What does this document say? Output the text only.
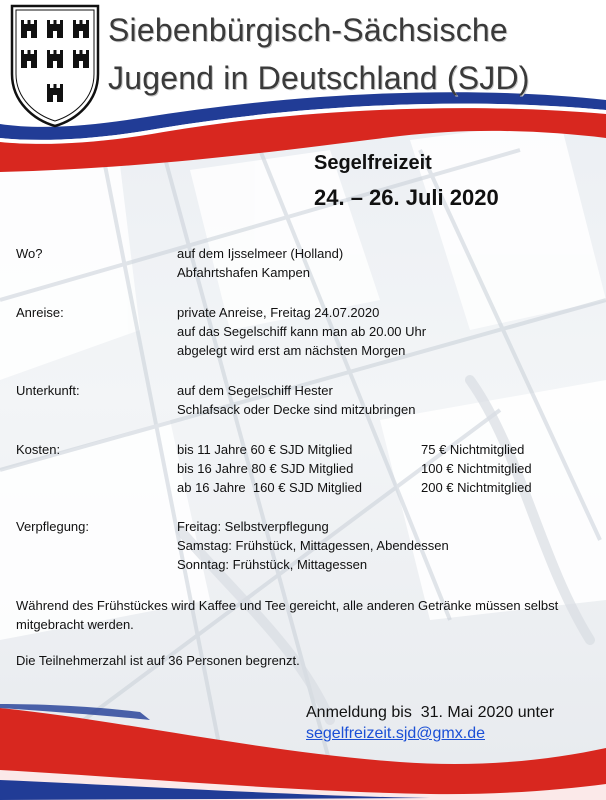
Siebenbürgisch-Sächsische
Jugend in Deutschland (SJD)
Segelfreizeit
24. – 26. Juli 2020
Wo?	auf dem Ijsselmeer (Holland)
Abfahrtshafen Kampen
Anreise:	private Anreise, Freitag 24.07.2020
auf das Segelschiff kann man ab 20.00 Uhr
abgelegt wird erst am nächsten Morgen
Unterkunft:	auf dem Segelschiff Hester
Schlafsack oder Decke sind mitzubringen
Kosten:	bis 11 Jahre 60 € SJD Mitglied	75 € Nichtmitglied
bis 16 Jahre 80 € SJD Mitglied	100 € Nichtmitglied
ab 16 Jahre  160 € SJD Mitglied	200 € Nichtmitglied
Verpflegung:	Freitag: Selbstverpflegung
Samstag: Frühstück, Mittagessen, Abendessen
Sonntag: Frühstück, Mittagessen

Während des Frühstückes wird Kaffee und Tee gereicht, alle anderen Getränke müssen selbst mitgebracht werden.

Die Teilnehmerzahl ist auf 36 Personen begrenzt.

Anmeldung bis  31. Mai 2020 unter

segelfreizeit.sjd@gmx.de
